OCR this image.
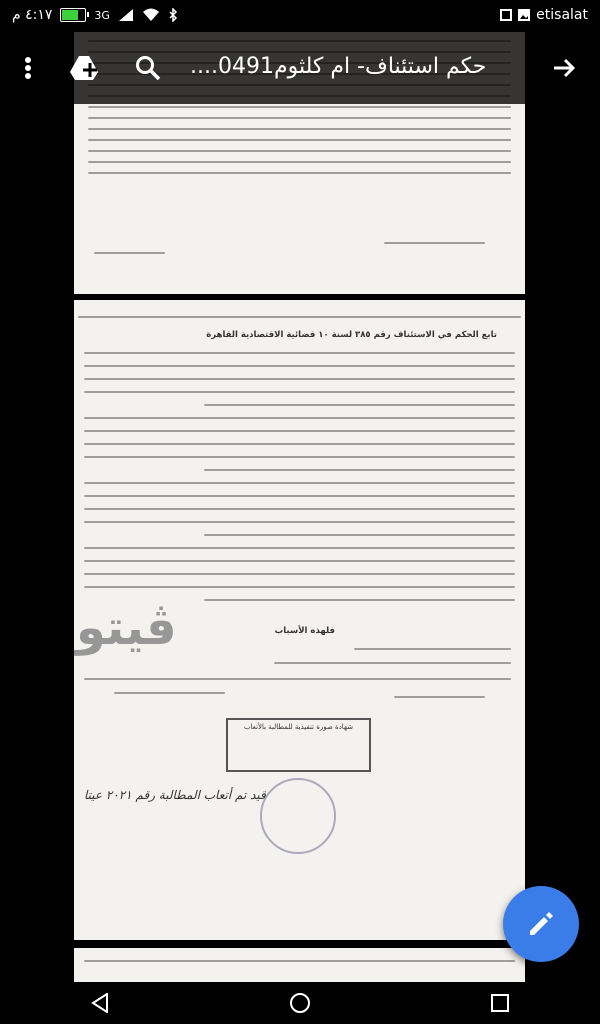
تابع الحكم في الاستئناف رقم ٣٨٥ لسنة ١٠ قضائية الاقتصادية القاهرة
فلهذه الأسباب
ڤيتو
شهادة صورة تنفيذية للمطالبة بالأتعاب
قيد تم أتعاب المطالبة رقم ٢٠٢١ عيتا
٤:١٧ م	3G	etisalat
حكم استئناف- ام كلثوم0491....
